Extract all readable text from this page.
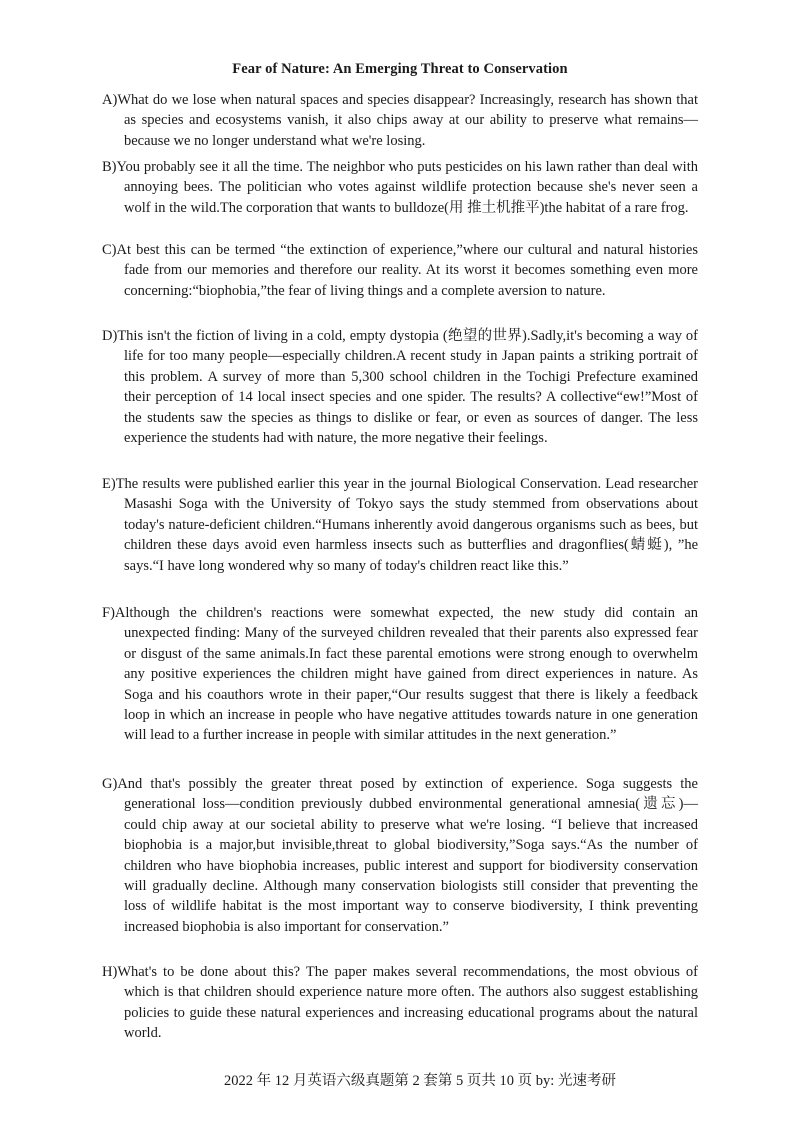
Fear of Nature: An Emerging Threat to Conservation
A)What do we lose when natural spaces and species disappear? Increasingly, research has shown that as species and ecosystems vanish, it also chips away at our ability to preserve what remains—because we no longer understand what we're losing.
B)You probably see it all the time. The neighbor who puts pesticides on his lawn rather than deal with annoying bees. The politician who votes against wildlife protection because she's never seen a wolf in the wild.The corporation that wants to bulldoze(用 推土机推平)the habitat of a rare frog.
C)At best this can be termed “the extinction of experience,”where our cultural and natural histories fade from our memories and therefore our reality. At its worst it becomes something even more concerning:“biophobia,”the fear of living things and a complete aversion to nature.
D)This isn't the fiction of living in a cold, empty dystopia (绝望的世界).Sadly,it's becoming a way of life for too many people—especially children.A recent study in Japan paints a striking portrait of this problem. A survey of more than 5,300 school children in the Tochigi Prefecture examined their perception of 14 local insect species and one spider. The results? A collective“ew!”Most of the students saw the species as things to dislike or fear, or even as sources of danger. The less experience the students had with nature, the more negative their feelings.
E)The results were published earlier this year in the journal Biological Conservation. Lead researcher Masashi Soga with the University of Tokyo says the study stemmed from observations about today's nature-deficient children.“Humans inherently avoid dangerous organisms such as bees, but children these days avoid even harmless insects such as butterflies and dragonflies(蜻蜓), ”he says.“I have long wondered why so many of today's children react like this.”
F)Although the children's reactions were somewhat expected, the new study did contain an unexpected finding: Many of the surveyed children revealed that their parents also expressed fear or disgust of the same animals.In fact these parental emotions were strong enough to overwhelm any positive experiences the children might have gained from direct experiences in nature. As Soga and his coauthors wrote in their paper,“Our results suggest that there is likely a feedback loop in which an increase in people who have negative attitudes towards nature in one generation will lead to a further increase in people with similar attitudes in the next generation.”
G)And that's possibly the greater threat posed by extinction of experience. Soga suggests the generational loss—condition previously dubbed environmental generational amnesia(遗忘)—could chip away at our societal ability to preserve what we're losing. “I believe that increased biophobia is a major,but invisible,threat to global biodiversity,”Soga says.“As the number of children who have biophobia increases, public interest and support for biodiversity conservation will gradually decline. Although many conservation biologists still consider that preventing the loss of wildlife habitat is the most important way to conserve biodiversity, I think preventing increased biophobia is also important for conservation.”
H)What's to be done about this? The paper makes several recommendations, the most obvious of which is that children should experience nature more often. The authors also suggest establishing policies to guide these natural experiences and increasing educational programs about the natural world.
2022 年 12 月英语六级真题第 2 套第 5 页共 10 页 by: 光速考研
